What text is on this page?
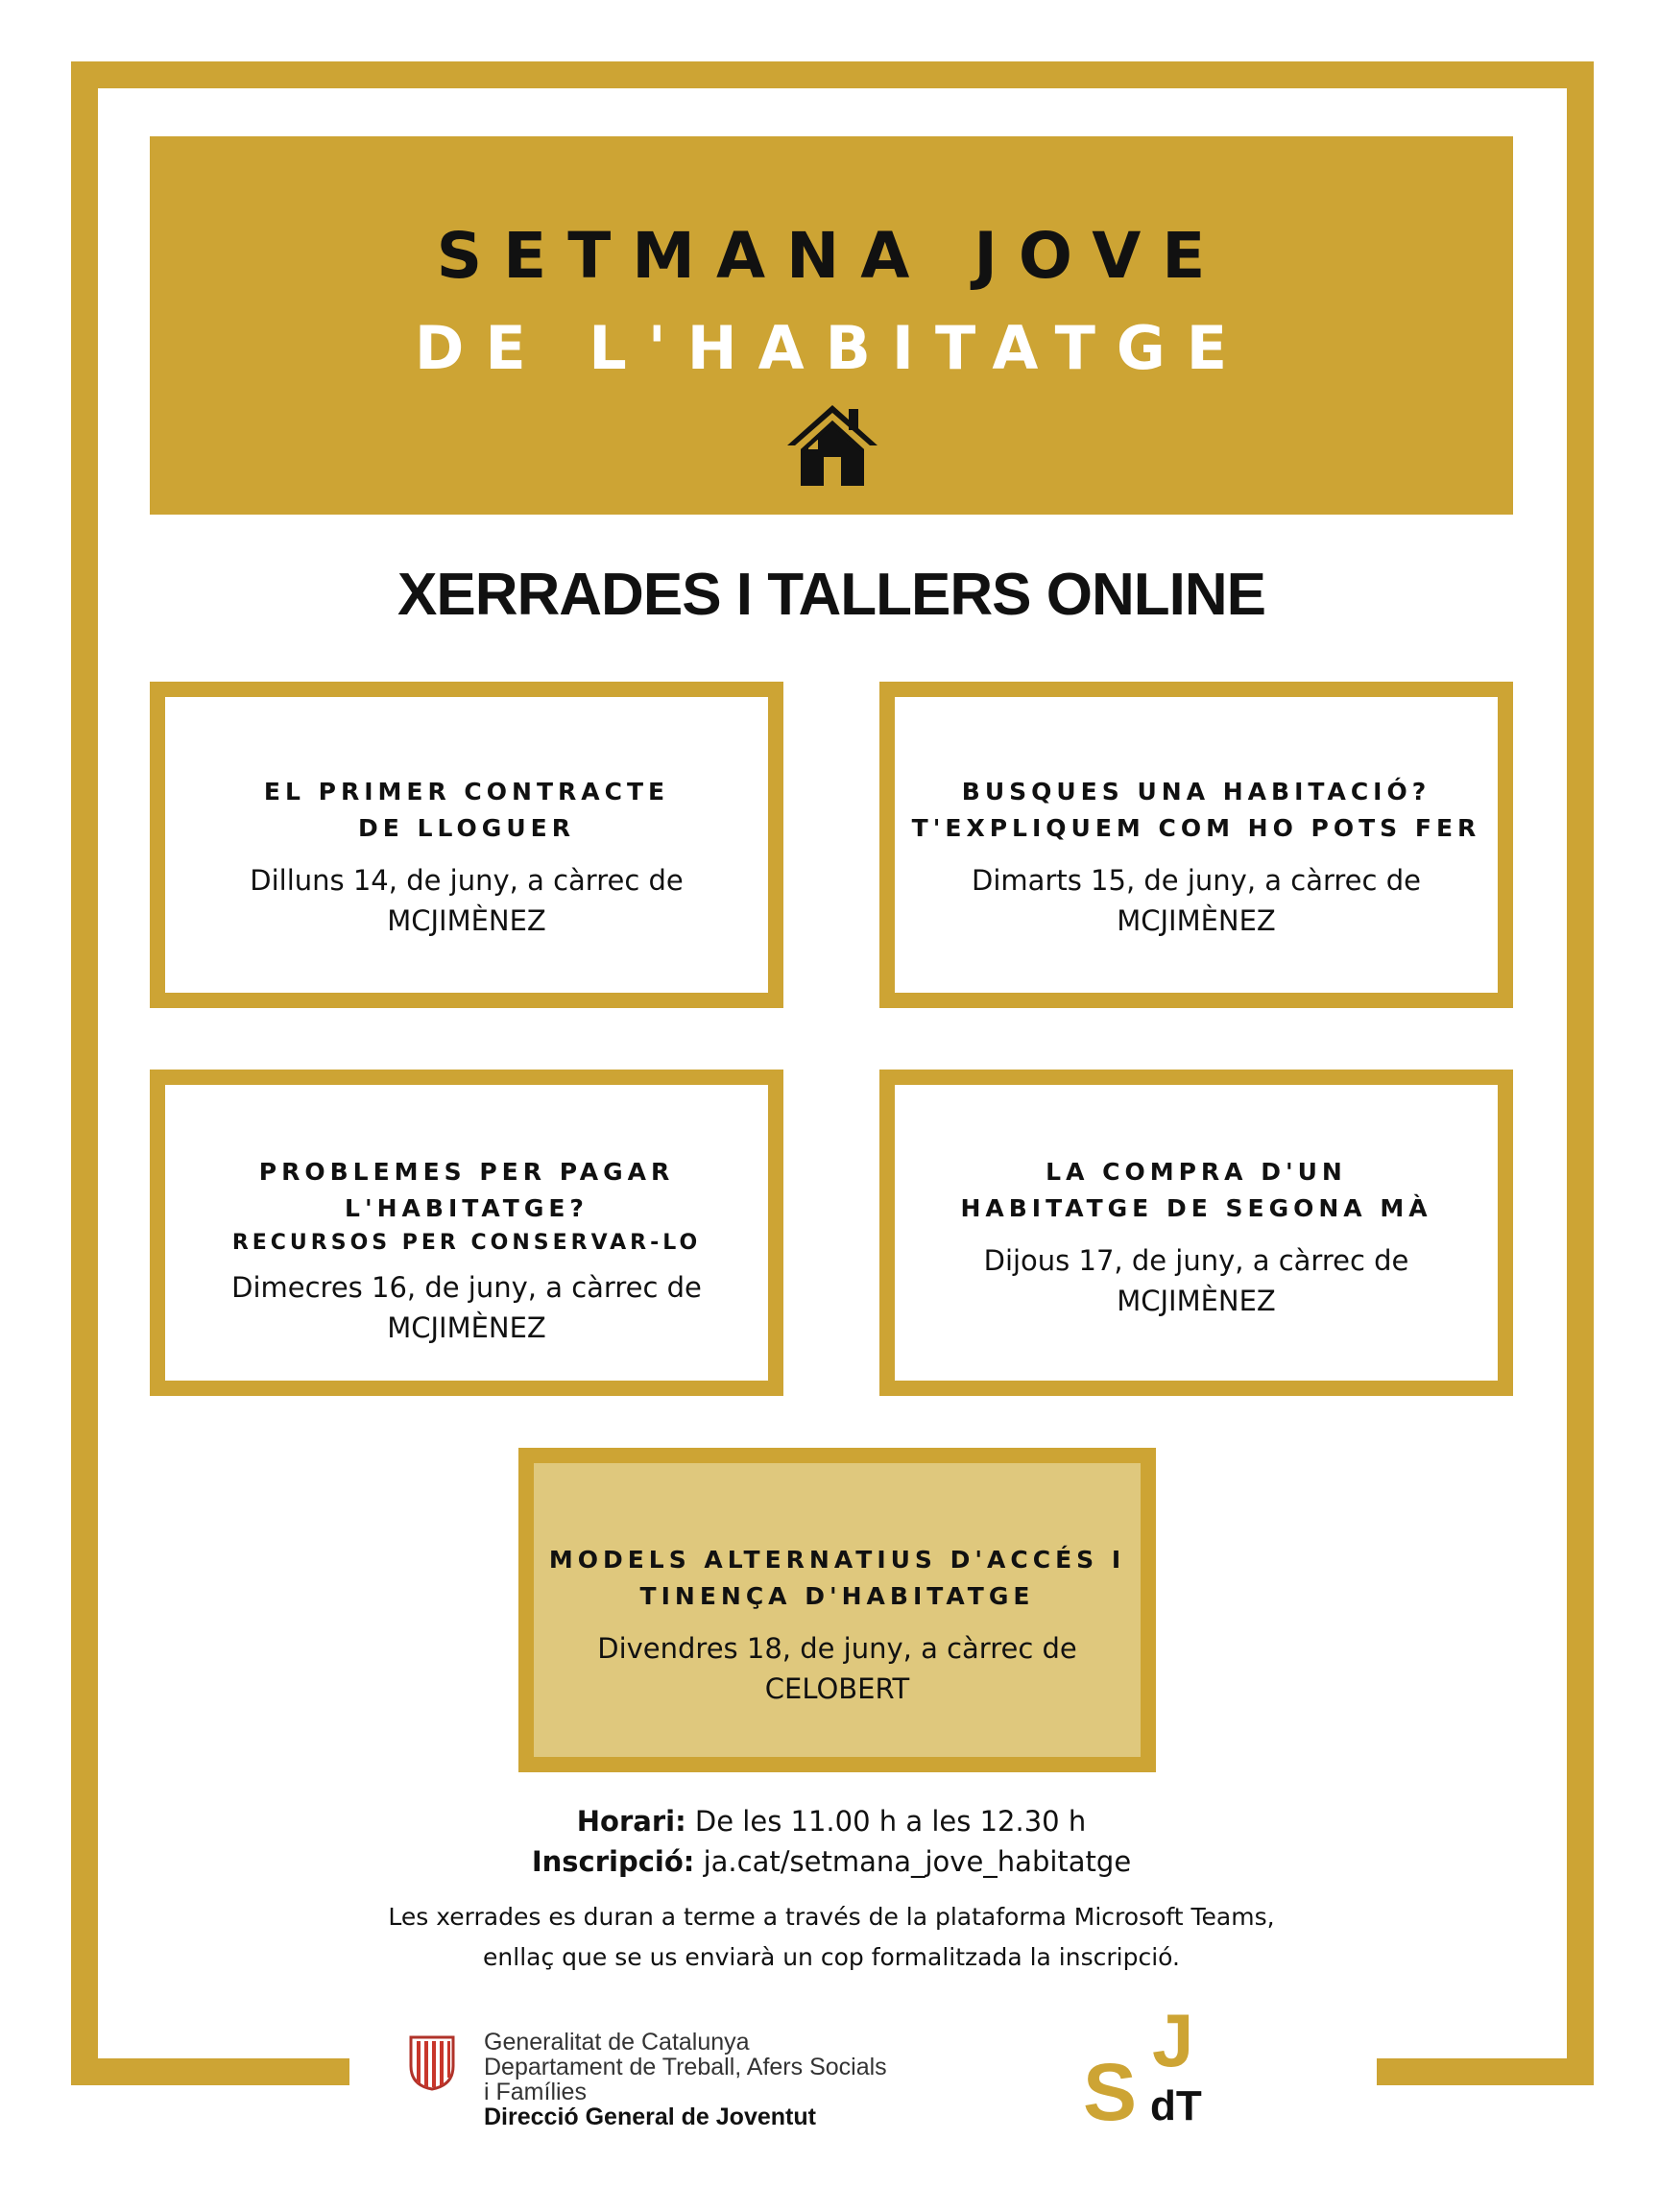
SETMANA JOVE
DE L'HABITATGE
XERRADES I TALLERS ONLINE
EL PRIMER CONTRACTE
DE LLOGUER
Dilluns 14, de juny, a càrrec de
MCJIMÈNEZ
BUSQUES UNA HABITACIÓ?
T'EXPLIQUEM COM HO POTS FER
Dimarts 15, de juny, a càrrec de
MCJIMÈNEZ
PROBLEMES PER PAGAR
L'HABITATGE?
RECURSOS PER CONSERVAR-LO
Dimecres 16, de juny, a càrrec de
MCJIMÈNEZ
LA COMPRA D'UN
HABITATGE DE SEGONA MÀ
Dijous 17, de juny, a càrrec de
MCJIMÈNEZ
MODELS ALTERNATIUS D'ACCÉS I
TINENÇA D'HABITATGE
Divendres 18, de juny, a càrrec de
CELOBERT
Horari: De les 11.00 h a les 12.30 h
Inscripció: ja.cat/setmana_jove_habitatge
Les xerrades es duran a terme a través de la plataforma Microsoft Teams,
enllaç que se us enviarà un cop formalitzada la inscripció.
Generalitat de Catalunya
Departament de Treball, Afers Socials
i Famílies
Direcció General de Joventut
J
S dT
